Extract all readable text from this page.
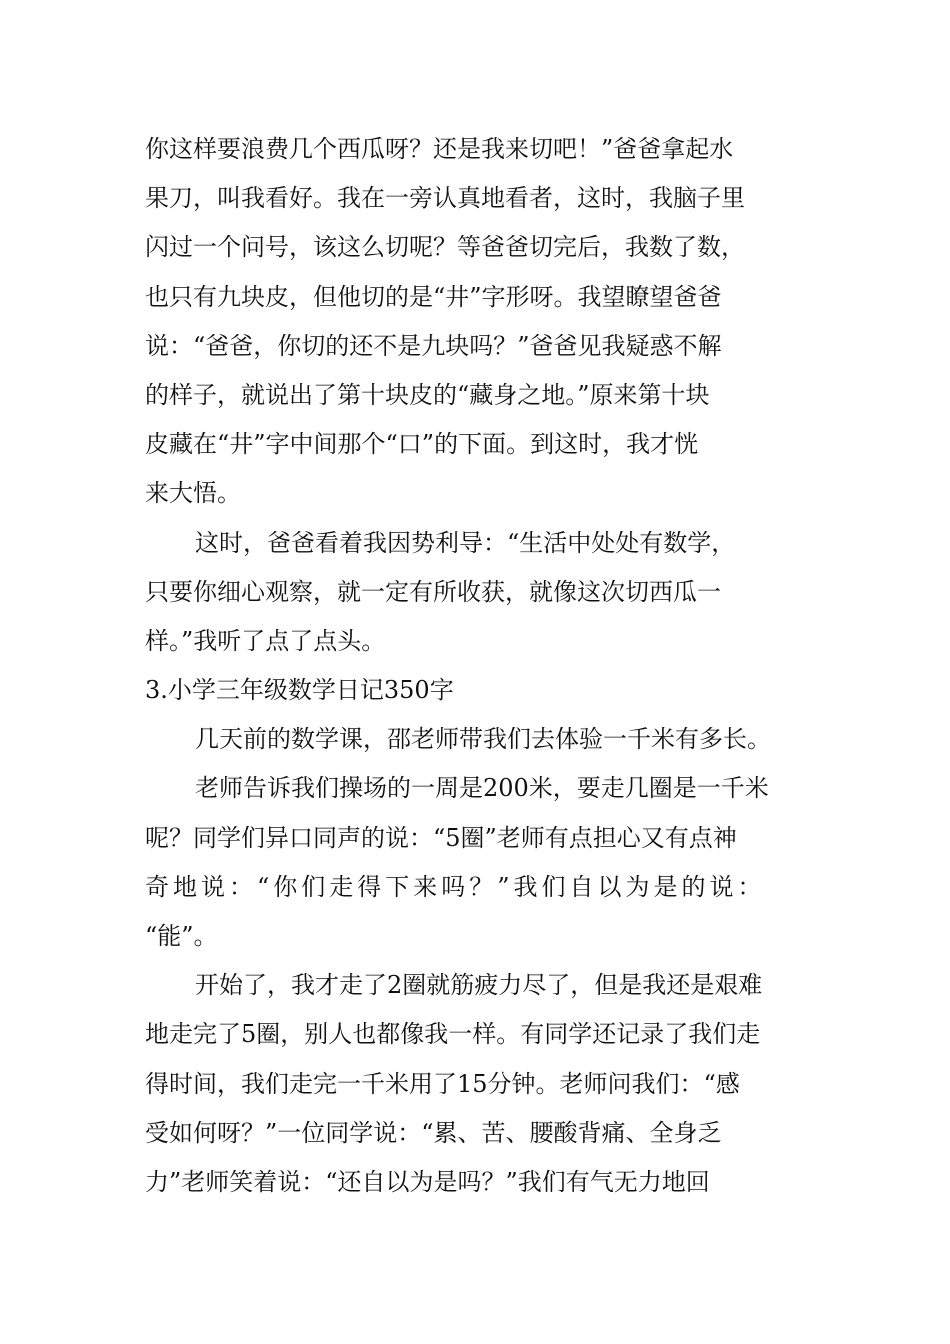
你这样要浪费几个西瓜呀？还是我来切吧！”爸爸拿起水
果刀，叫我看好。我在一旁认真地看者，这时，我脑子里
闪过一个问号，该这么切呢？等爸爸切完后，我数了数，
也只有九块皮，但他切的是“井”字形呀。我望瞭望爸爸
说：“爸爸，你切的还不是九块吗？”爸爸见我疑惑不解
的样子，就说出了第十块皮的“藏身之地。”原来第十块
皮藏在“井”字中间那个“口”的下面。到这时，我才恍
来大悟。
这时，爸爸看着我因势利导：“生活中处处有数学，
只要你细心观察，就一定有所收获，就像这次切西瓜一
样。”我听了点了点头。
3.小学三年级数学日记350字
几天前的数学课，邵老师带我们去体验一千米有多长。
老师告诉我们操场的一周是200米，要走几圈是一千米
呢？同学们异口同声的说：“5圈”老师有点担心又有点神
奇地说：“你们走得下来吗？”我们自以为是的说：
“能”。
开始了，我才走了2圈就筋疲力尽了，但是我还是艰难
地走完了5圈，别人也都像我一样。有同学还记录了我们走
得时间，我们走完一千米用了15分钟。老师问我们：“感
受如何呀？”一位同学说：“累、苦、腰酸背痛、全身乏
力”老师笑着说：“还自以为是吗？”我们有气无力地回
